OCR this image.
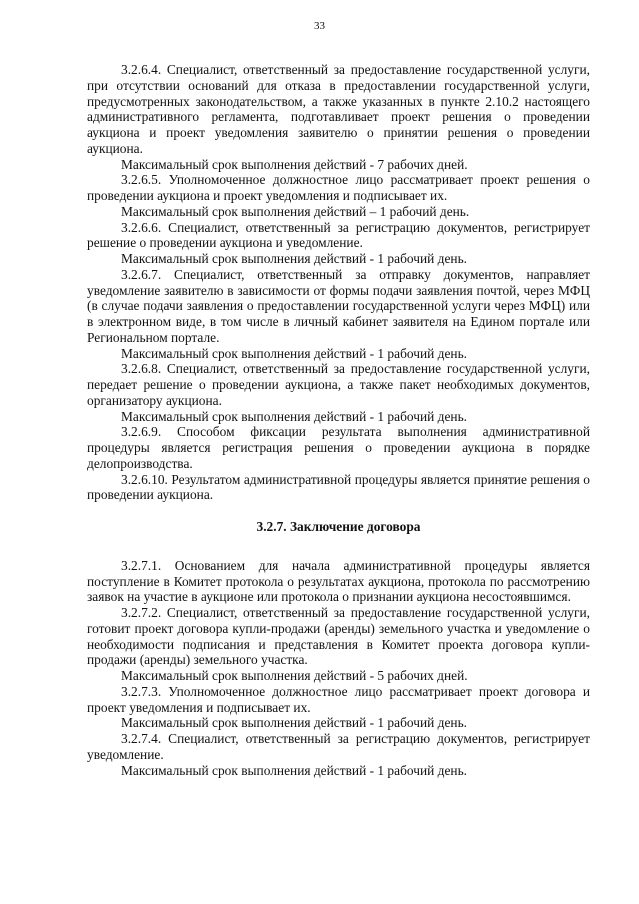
33

3.2.6.4. Специалист, ответственный за предоставление государственной услуги, при отсутствии оснований для отказа в предоставлении государственной услуги, предусмотренных законодательством, а также указанных в пункте 2.10.2 настоящего административного регламента, подготавливает проект решения о проведении аукциона и проект уведомления заявителю о принятии решения о проведении аукциона.

Максимальный срок выполнения действий - 7 рабочих дней.

3.2.6.5. Уполномоченное должностное лицо рассматривает проект решения о проведении аукциона и проект уведомления и подписывает их.

Максимальный срок выполнения действий – 1 рабочий день.

3.2.6.6. Специалист, ответственный за регистрацию документов, регистрирует решение о проведении аукциона и уведомление.

Максимальный срок выполнения действий - 1 рабочий день.

3.2.6.7. Специалист, ответственный за отправку документов, направляет уведомление заявителю в зависимости от формы подачи заявления почтой, через МФЦ (в случае подачи заявления о предоставлении государственной услуги через МФЦ) или в электронном виде, в том числе в личный кабинет заявителя на Едином портале или Региональном портале.

Максимальный срок выполнения действий - 1 рабочий день.

3.2.6.8. Специалист, ответственный за предоставление государственной услуги, передает решение о проведении аукциона, а также пакет необходимых документов, организатору аукциона.

Максимальный срок выполнения действий - 1 рабочий день.

3.2.6.9. Способом фиксации результата выполнения административной процедуры является регистрация решения о проведении аукциона в порядке делопроизводства.

3.2.6.10. Результатом административной процедуры является принятие решения о проведении аукциона.

3.2.7. Заключение договора

3.2.7.1. Основанием для начала административной процедуры является поступление в Комитет протокола о результатах аукциона, протокола по рассмотрению заявок на участие в аукционе или протокола о признании аукциона несостоявшимся.

3.2.7.2. Специалист, ответственный за предоставление государственной услуги, готовит проект договора купли-продажи (аренды) земельного участка и уведомление о необходимости подписания и представления в Комитет проекта договора купли-продажи (аренды) земельного участка.

Максимальный срок выполнения действий - 5 рабочих дней.

3.2.7.3. Уполномоченное должностное лицо рассматривает проект договора и проект уведомления и подписывает их.

Максимальный срок выполнения действий - 1 рабочий день.

3.2.7.4. Специалист, ответственный за регистрацию документов, регистрирует уведомление.

Максимальный срок выполнения действий - 1 рабочий день.
